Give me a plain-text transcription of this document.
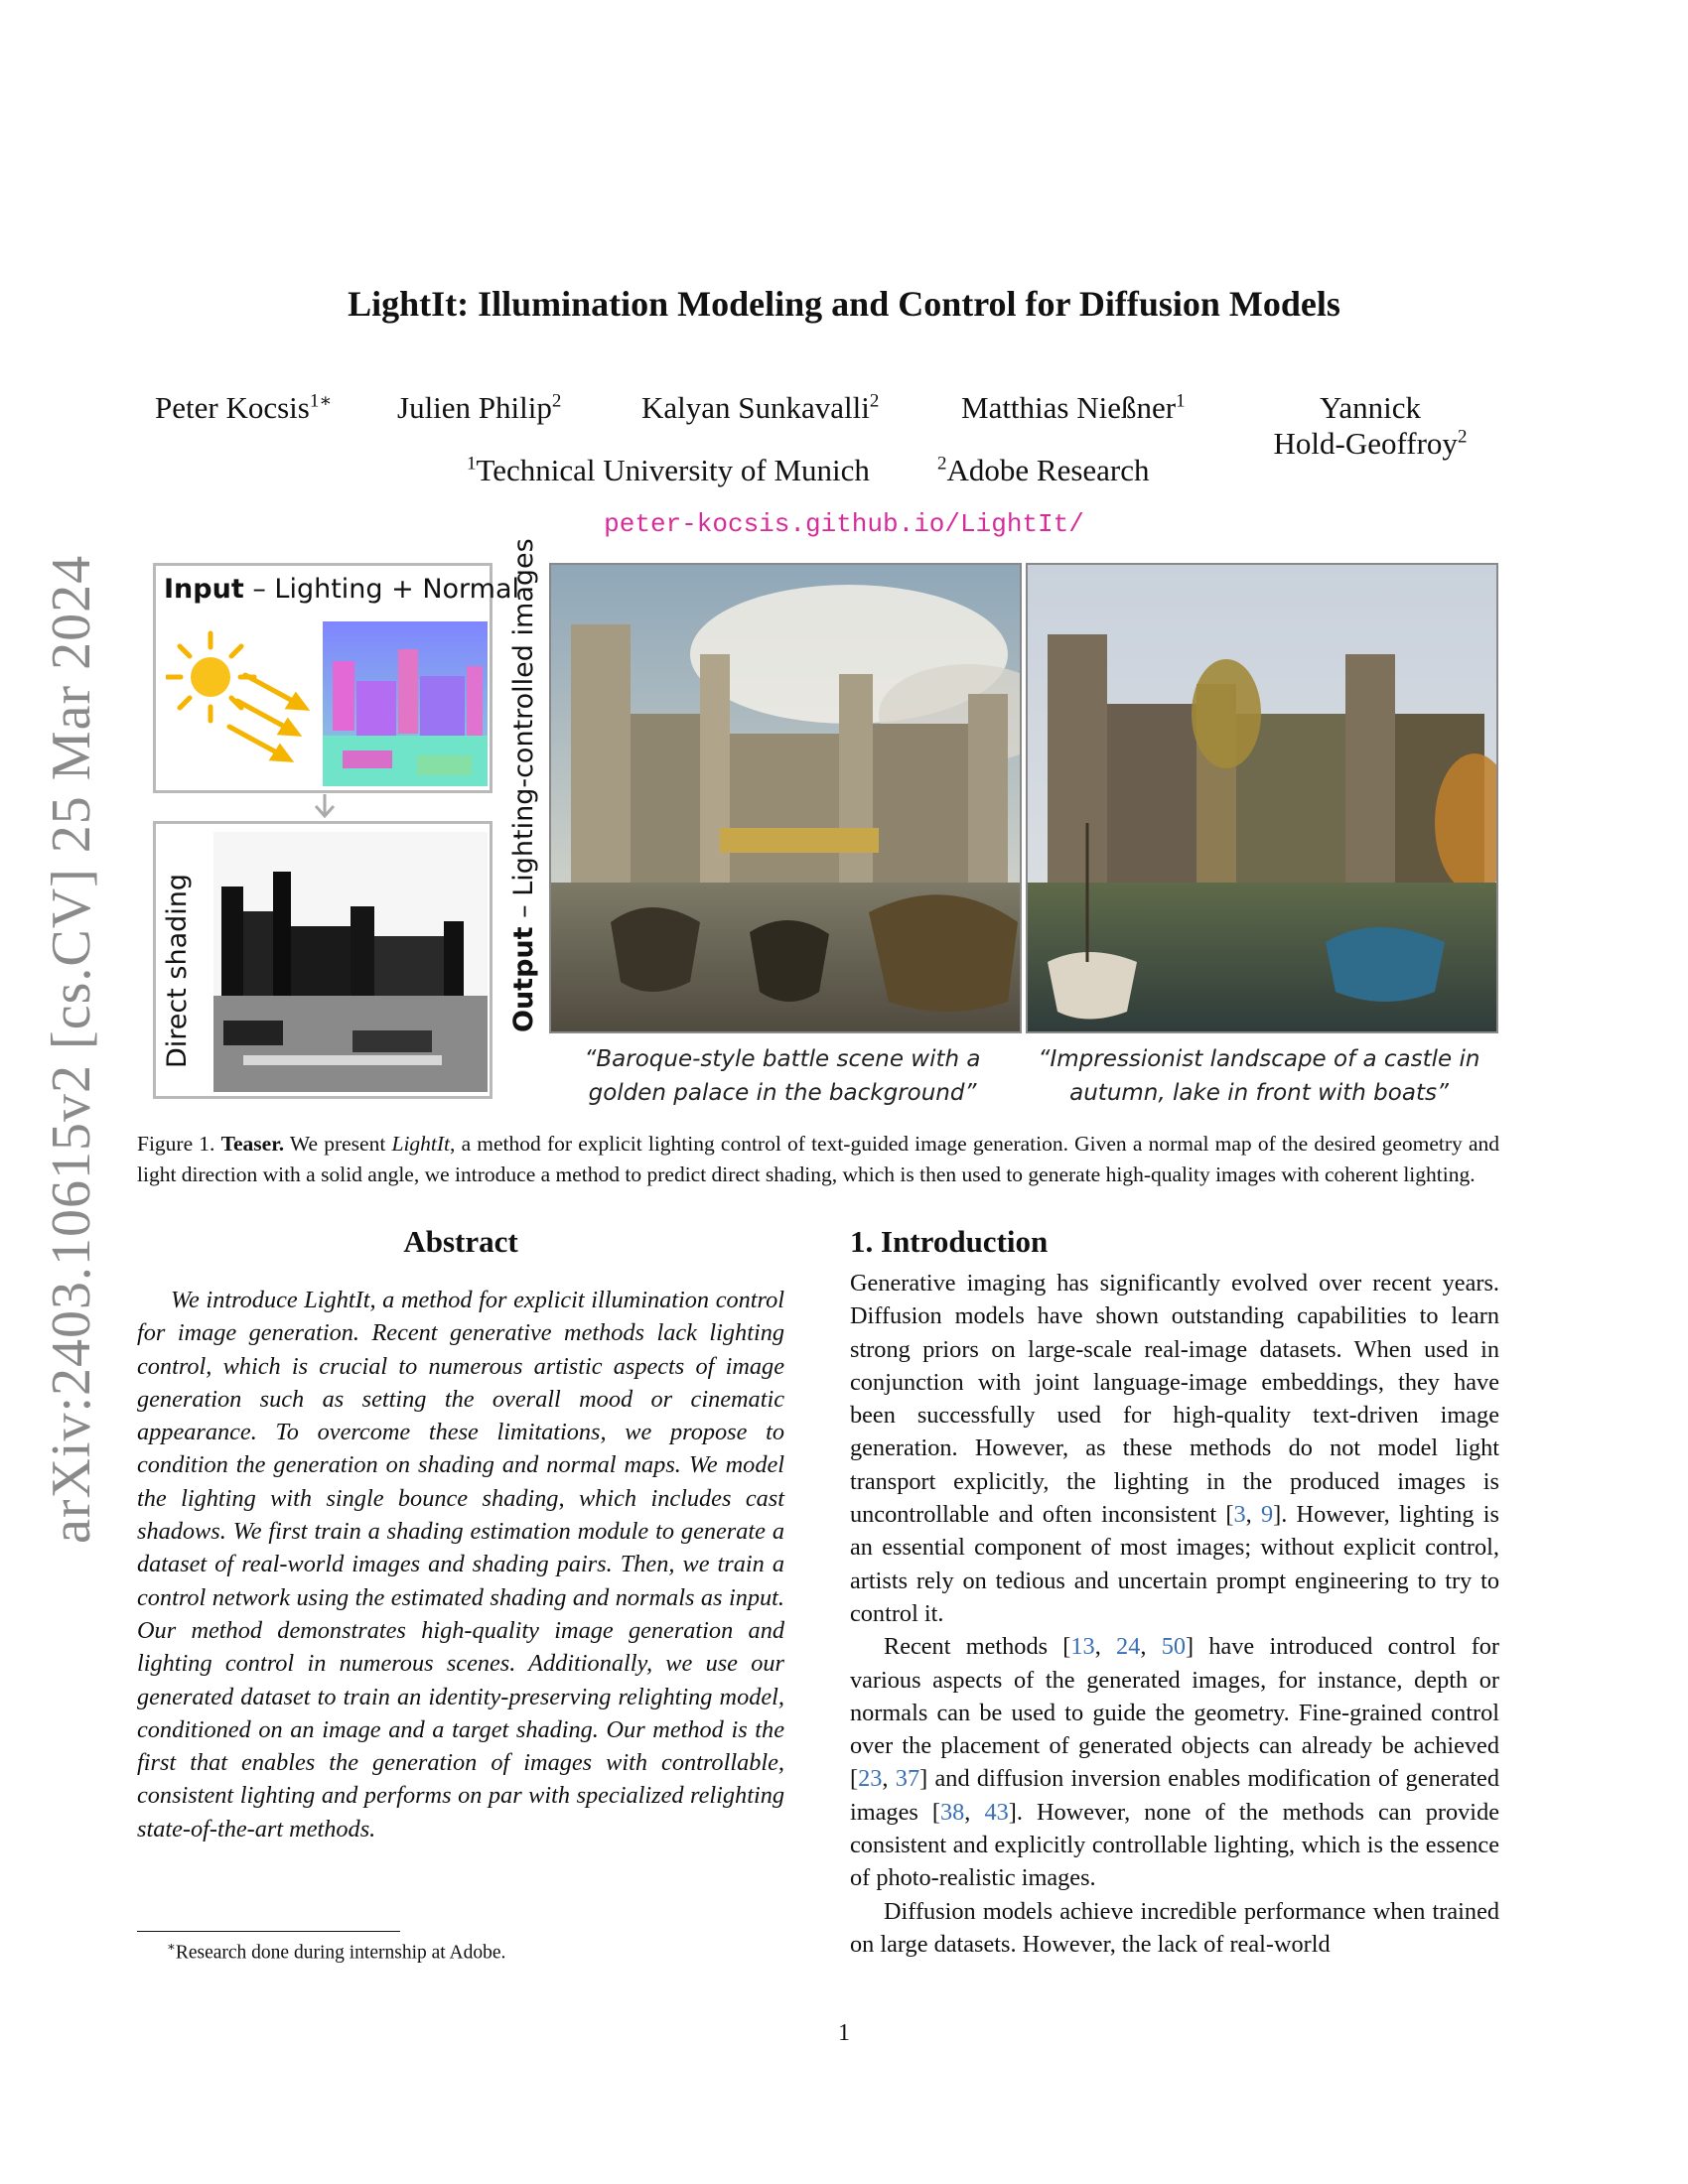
arXiv:2403.10615v2 [cs.CV] 25 Mar 2024
LightIt: Illumination Modeling and Control for Diffusion Models
Peter Kocsis$^{1∗}$ Julien Philip$^2$	Kalyan Sunkavalli$^2$	Matthias Nießner$^1$	Yannick
Hold-Geoffroy$^2$
$^1$Technical University of Munich	$^2$Adobe Research
peter-kocsis.github.io/LightIt/
Input – Lighting + Normal
Direct shading	Output – Lighting-controlled images
“Baroque-style battle scene with a golden palace in the background”
“Impressionist landscape of a castle in autumn, lake in front with boats”
Figure 1. Teaser. We present LightIt, a method for explicit lighting control of text-guided image generation. Given a normal map of the desired geometry and light direction with a solid angle, we introduce a method to predict direct shading, which is then used to generate high-quality images with coherent lighting.
Abstract

We introduce LightIt, a method for explicit illumination control for image generation. Recent generative methods lack lighting control, which is crucial to numerous artistic aspects of image generation such as setting the overall mood or cinematic appearance. To overcome these limitations, we propose to condition the generation on shading and normal maps. We model the lighting with single bounce shading, which includes cast shadows. We first train a shading estimation module to generate a dataset of real-world images and shading pairs. Then, we train a control network using the estimated shading and normals as input. Our method demonstrates high-quality image generation and lighting control in numerous scenes. Additionally, we use our generated dataset to train an identity-preserving relighting model, conditioned on an image and a target shading. Our method is the first that enables the generation of images with controllable, consistent lighting and performs on par with specialized relighting state-of-the-art methods.

1. Introduction

Generative imaging has significantly evolved over recent years. Diffusion models have shown outstanding capabilities to learn strong priors on large-scale real-image datasets. When used in conjunction with joint language-image embeddings, they have been successfully used for high-quality text-driven image generation. However, as these methods do not model light transport explicitly, the lighting in the produced images is uncontrollable and often inconsistent [3, 9]. However, lighting is an essential component of most images; without explicit control, artists rely on tedious and uncertain prompt engineering to try to control it.

Recent methods [13, 24, 50] have introduced control for various aspects of the generated images, for instance, depth or normals can be used to guide the geometry. Fine-grained control over the placement of generated objects can already be achieved [23, 37] and diffusion inversion enables modification of generated images [38, 43]. However, none of the methods can provide consistent and explicitly controllable lighting, which is the essence of photo-realistic images.

Diffusion models achieve incredible performance when trained on large datasets. However, the lack of real-world

∗Research done during internship at Adobe.
1
